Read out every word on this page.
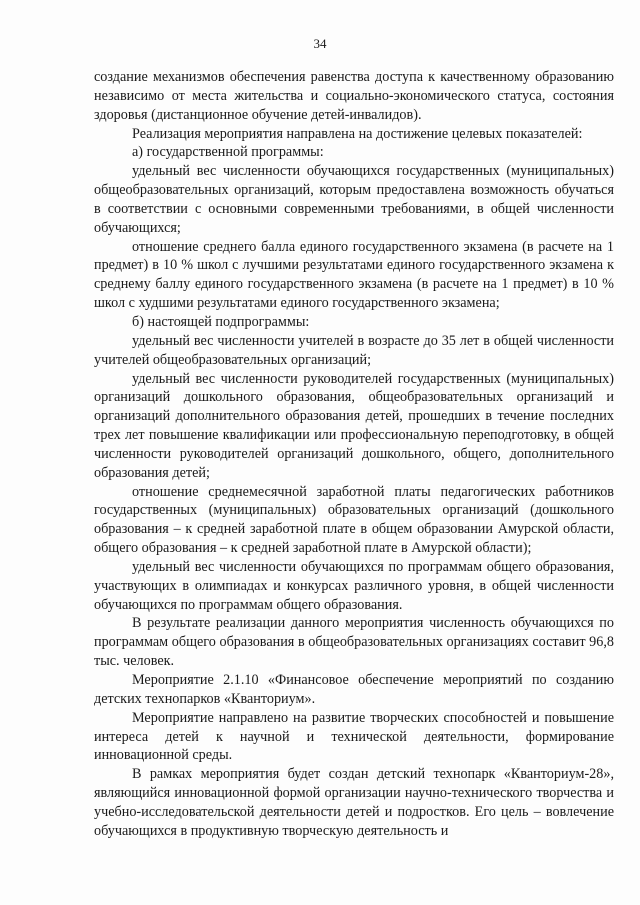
34

создание механизмов обеспечения равенства доступа к качественному образованию независимо от места жительства и социально-экономического статуса, состояния здоровья (дистанционное обучение детей-инвалидов).

Реализация мероприятия направлена на достижение целевых показателей:

а) государственной программы:

удельный вес численности обучающихся государственных (муниципальных) общеобразовательных организаций, которым предоставлена возможность обучаться в соответствии с основными современными требованиями, в общей численности обучающихся;

отношение среднего балла единого государственного экзамена (в расчете на 1 предмет) в 10 % школ с лучшими результатами единого государственного экзамена к среднему баллу единого государственного экзамена (в расчете на 1 предмет) в 10 % школ с худшими результатами единого государственного экзамена;

б) настоящей подпрограммы:

удельный вес численности учителей в возрасте до 35 лет в общей численности учителей общеобразовательных организаций;

удельный вес численности руководителей государственных (муниципальных) организаций дошкольного образования, общеобразовательных организаций и организаций дополнительного образования детей, прошедших в течение последних трех лет повышение квалификации или профессиональную переподготовку, в общей численности руководителей организаций дошкольного, общего, дополнительного образования детей;

отношение среднемесячной заработной платы педагогических работников государственных (муниципальных) образовательных организаций (дошкольного образования – к средней заработной плате в общем образовании Амурской области, общего образования – к средней заработной плате в Амурской области);

удельный вес численности обучающихся по программам общего образования, участвующих в олимпиадах и конкурсах различного уровня, в общей численности обучающихся по программам общего образования.

В результате реализации данного мероприятия численность обучающихся по программам общего образования в общеобразовательных организациях составит 96,8 тыс. человек.

Мероприятие 2.1.10 «Финансовое обеспечение мероприятий по созданию детских технопарков «Кванториум».

Мероприятие направлено на развитие творческих способностей и повышение интереса детей к научной и технической деятельности, формирование инновационной среды.

В рамках мероприятия будет создан детский технопарк «Кванториум-28», являющийся инновационной формой организации научно-технического творчества и учебно-исследовательской деятельности детей и подростков. Его цель – вовлечение обучающихся в продуктивную творческую деятельность и
